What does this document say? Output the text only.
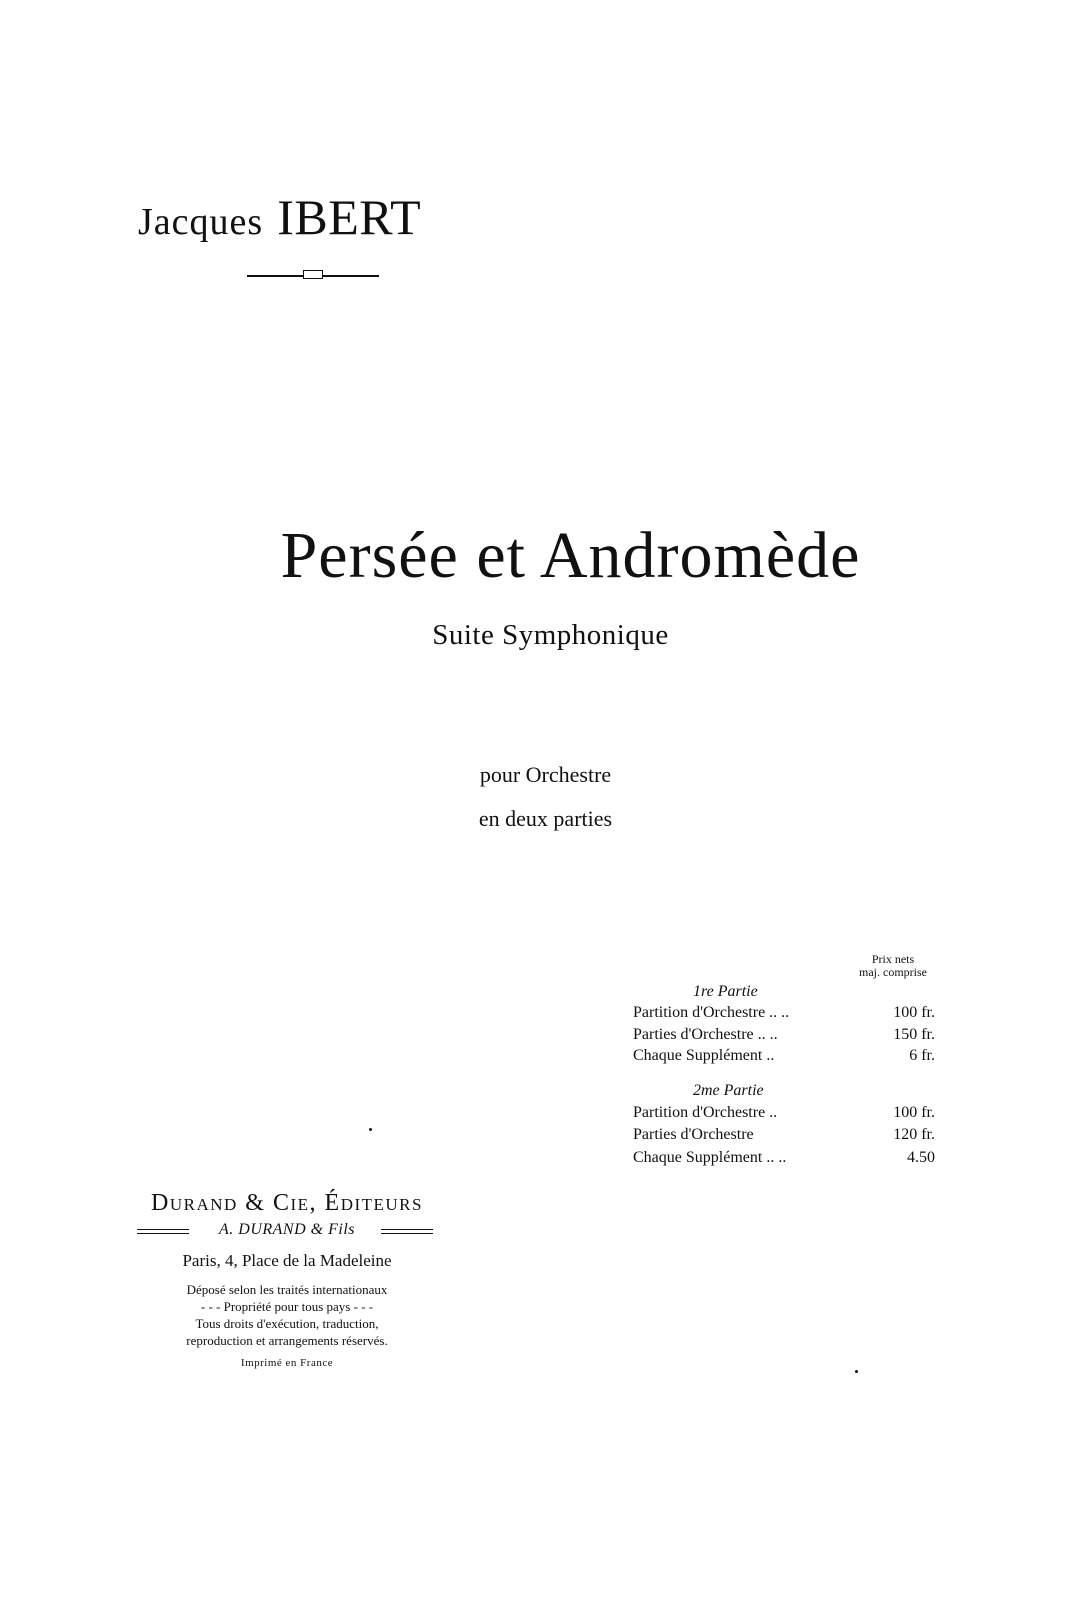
Jacques IBERT
Persée et Andromède
Suite Symphonique
pour Orchestre
en deux parties
Prix nets
maj. comprise
1re Partie
Partition d'Orchestre .. ..	100 fr.
Parties d'Orchestre .. ..	150 fr.
Chaque Supplément ..	6 fr.
2me Partie
Partition d'Orchestre ..	100 fr.
Parties d'Orchestre	120 fr.
Chaque Supplément .. ..	4.50
Durand & Cie, Éditeurs
A. DURAND & Fils
Paris, 4, Place de la Madeleine
Déposé selon les traités internationaux
- - - Propriété pour tous pays - - -
Tous droits d'exécution, traduction,
reproduction et arrangements réservés.
Imprimé en France
